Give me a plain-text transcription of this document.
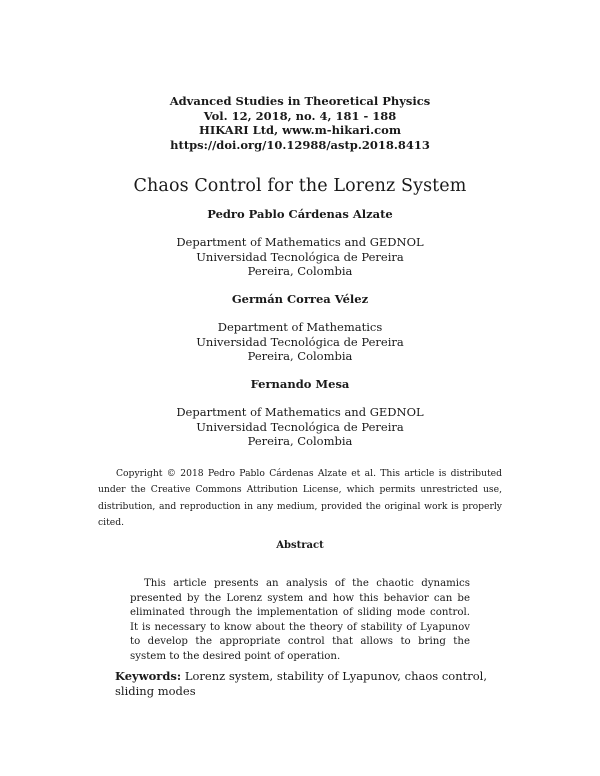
Advanced Studies in Theoretical Physics
Vol. 12, 2018, no. 4, 181 - 188
HIKARI Ltd, www.m-hikari.com
https://doi.org/10.12988/astp.2018.8413
Chaos Control for the Lorenz System
Pedro Pablo Cárdenas Alzate
Department of Mathematics and GEDNOL
Universidad Tecnológica de Pereira
Pereira, Colombia
Germán Correa Vélez
Department of Mathematics
Universidad Tecnológica de Pereira
Pereira, Colombia
Fernando Mesa
Department of Mathematics and GEDNOL
Universidad Tecnológica de Pereira
Pereira, Colombia
Copyright © 2018 Pedro Pablo Cárdenas Alzate et al. This article is distributed under the Creative Commons Attribution License, which permits unrestricted use, distribution, and reproduction in any medium, provided the original work is properly cited.
Abstract
This article presents an analysis of the chaotic dynamics presented by the Lorenz system and how this behavior can be eliminated through the implementation of sliding mode control. It is necessary to know about the theory of stability of Lyapunov to develop the appropriate control that allows to bring the system to the desired point of operation.
Keywords: Lorenz system, stability of Lyapunov, chaos control, sliding modes
